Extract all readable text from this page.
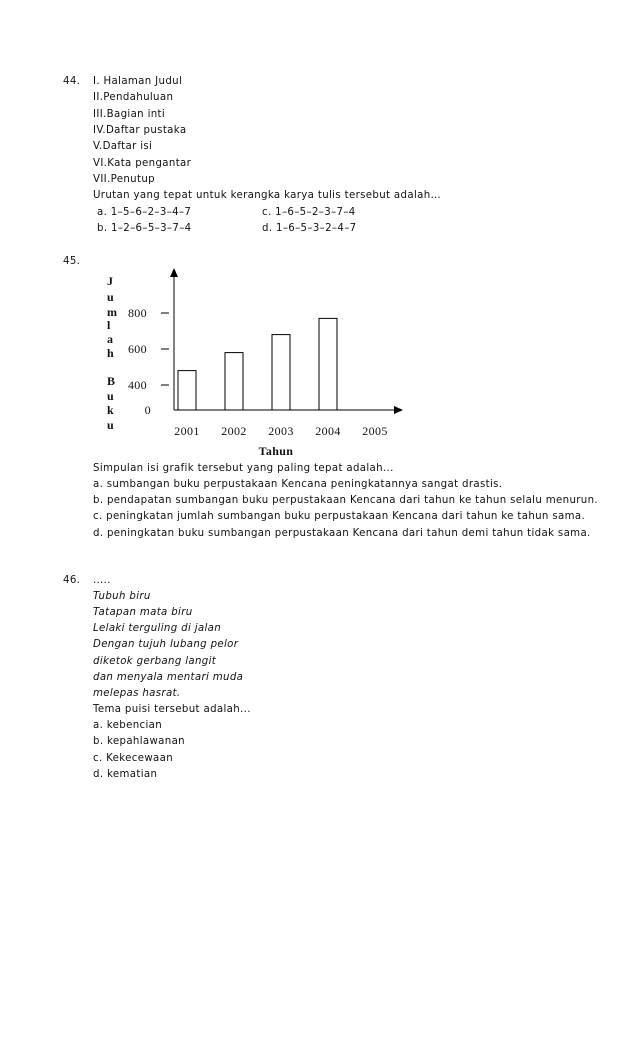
44. I. Halaman Judul
II.Pendahuluan
III.Bagian inti
IV.Daftar pustaka
V.Daftar isi
VI.Kata pengantar
VII.Penutup
Urutan yang tepat untuk kerangka karya tulis tersebut adalah…
a. 1–5–6–2–3–4–7	c. 1–6–5–2–3–7–4
b. 1–2–6–5–3–7–4	d. 1–6–5–3–2–4–7
45.
J
u
m
l
a
h
B
u
k
u
0
400
600
800
2001 2002 2003 2004 2005
Tahun
Simpulan isi grafik tersebut yang paling tepat adalah...
a. sumbangan buku perpustakaan Kencana peningkatannya sangat drastis.
b. pendapatan sumbangan buku perpustakaan Kencana dari tahun ke tahun selalu menurun.
c. peningkatan jumlah sumbangan buku perpustakaan Kencana dari tahun ke tahun sama.
d. peningkatan buku sumbangan perpustakaan Kencana dari tahun demi tahun tidak sama.
46. …..
Tubuh biru
Tatapan mata biru
Lelaki terguling di jalan
Dengan tujuh lubang pelor
diketok gerbang langit
dan menyala mentari muda
melepas hasrat.
Tema puisi tersebut adalah...
a. kebencian
b. kepahlawanan
c. Kekecewaan
d. kematian
